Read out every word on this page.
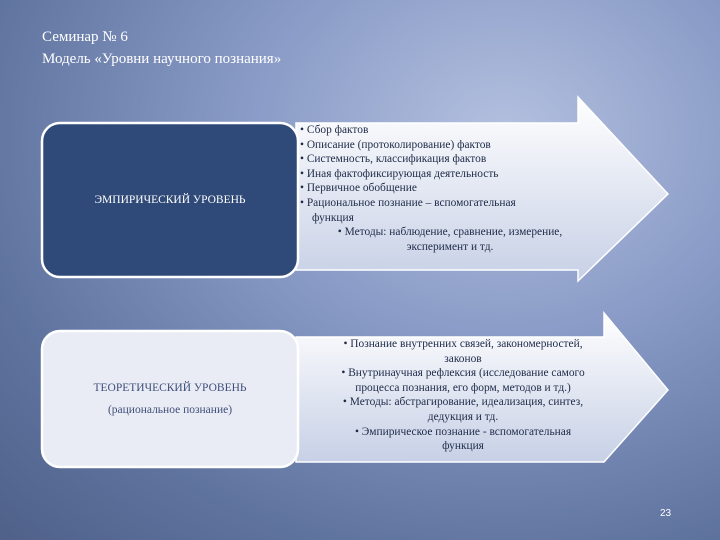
Семинар № 6
Модель «Уровни научного познания»
ЭМПИРИЧЕСКИЙ УРОВЕНЬ
ТЕОРЕТИЧЕСКИЙ УРОВЕНЬ
(рациональное познание)

• Сбор фактов

• Описание (протоколирование) фактов

• Системность, классификация фактов

• Иная фактофиксирующая деятельность

• Первичное обобщение

• Рациональное познание – вспомогательная

функция

• Методы: наблюдение, сравнение, измерение,

эксперимент и тд.

• Познание внутренних связей, закономерностей,

законов

• Внутринаучная рефлексия (исследование самого

процесса познания, его форм, методов и тд.)

• Методы: абстрагирование, идеализация, синтез,

дедукция и тд.

• Эмпирическое познание - вспомогательная

функция

23
